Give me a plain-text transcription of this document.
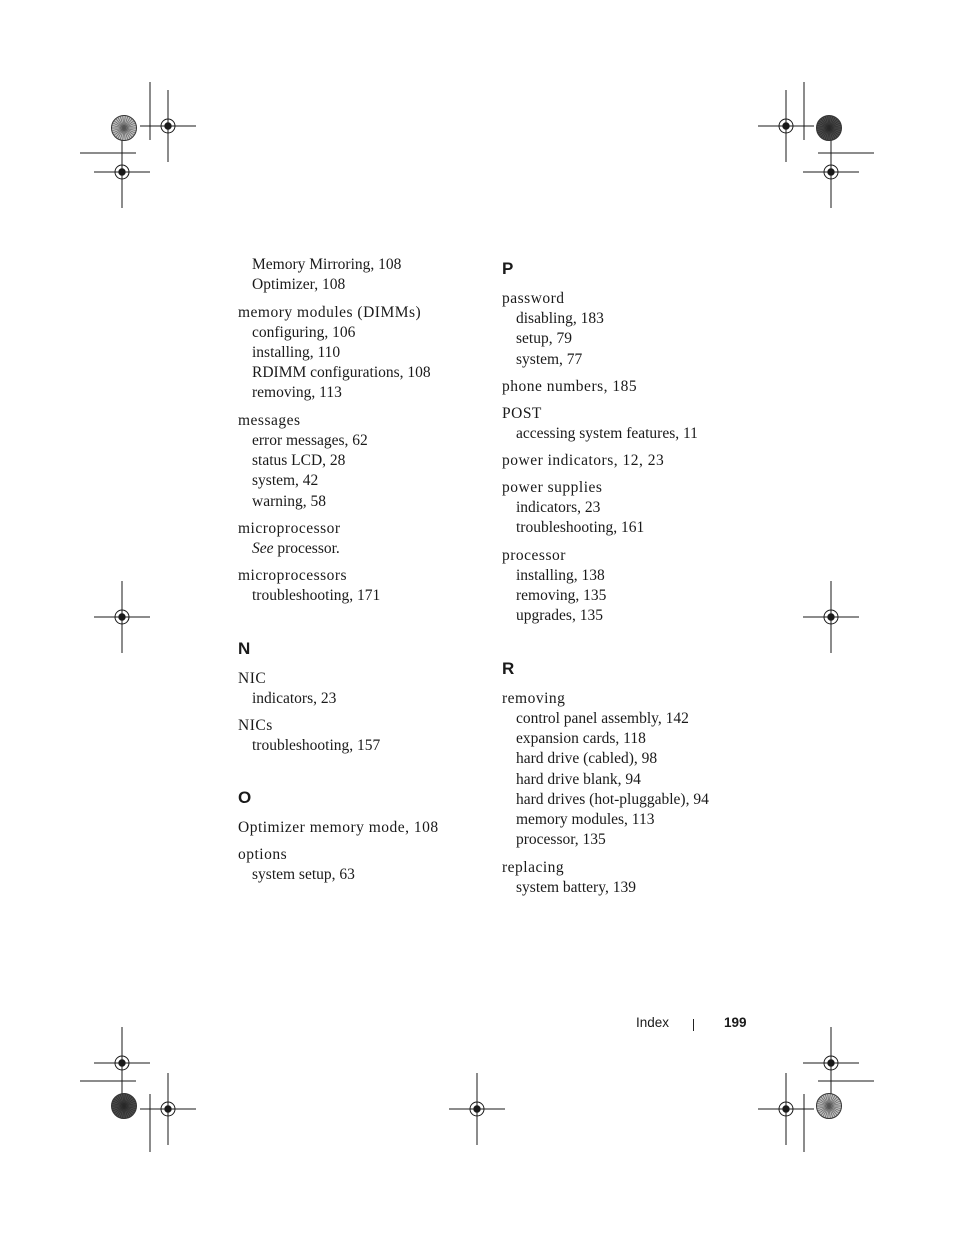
Memory Mirroring, 108
Optimizer, 108
memory modules (DIMMs)
configuring, 106
installing, 110
RDIMM configurations, 108
removing, 113
messages
error messages, 62
status LCD, 28
system, 42
warning, 58
microprocessor
See processor.
microprocessors
troubleshooting, 171
N
NIC
indicators, 23
NICs
troubleshooting, 157
O
Optimizer memory mode, 108
options
system setup, 63
P
password
disabling, 183
setup, 79
system, 77
phone numbers, 185
POST
accessing system features, 11
power indicators, 12, 23
power supplies
indicators, 23
troubleshooting, 161
processor
installing, 138
removing, 135
upgrades, 135
R
removing
control panel assembly, 142
expansion cards, 118
hard drive (cabled), 98
hard drive blank, 94
hard drives (hot-pluggable), 94
memory modules, 113
processor, 135
replacing
system battery, 139
Index	199
